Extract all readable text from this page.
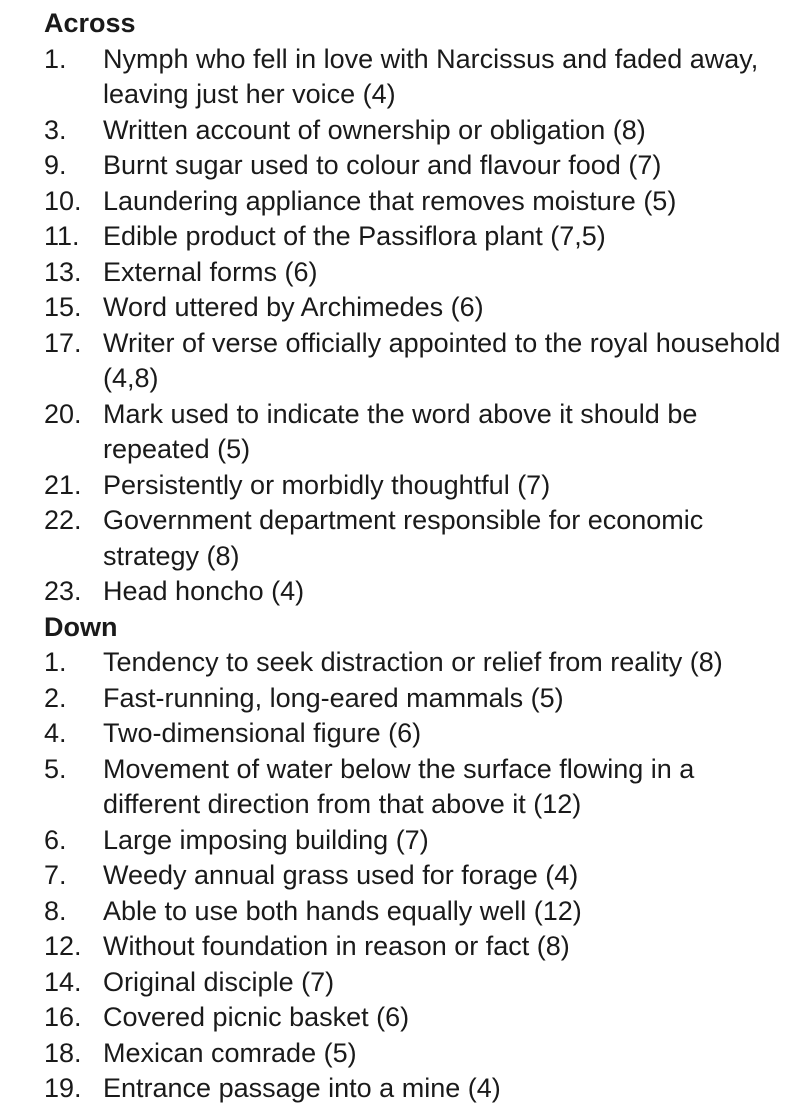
Across
1.	Nymph who fell in love with Narcissus and faded away, leaving just her voice (4)
3.	Written account of ownership or obligation (8)
9.	Burnt sugar used to colour and flavour food (7)
10. Laundering appliance that removes moisture (5)
11. Edible product of the Passiflora plant (7,5)
13. External forms (6)
15. Word uttered by Archimedes (6)
17. Writer of verse officially appointed to the royal household (4,8)
20. Mark used to indicate the word above it should be repeated (5)
21. Persistently or morbidly thoughtful (7)
22. Government department responsible for economic strategy (8)
23. Head honcho (4)
Down
1.	Tendency to seek distraction or relief from reality (8)
2.	Fast-running, long-eared mammals (5)
4.	Two-dimensional figure (6)
5.	Movement of water below the surface flowing in a different direction from that above it (12)
6.	Large imposing building (7)
7.	Weedy annual grass used for forage (4)
8.	Able to use both hands equally well (12)
12. Without foundation in reason or fact (8)
14. Original disciple (7)
16. Covered picnic basket (6)
18. Mexican comrade (5)
19. Entrance passage into a mine (4)
